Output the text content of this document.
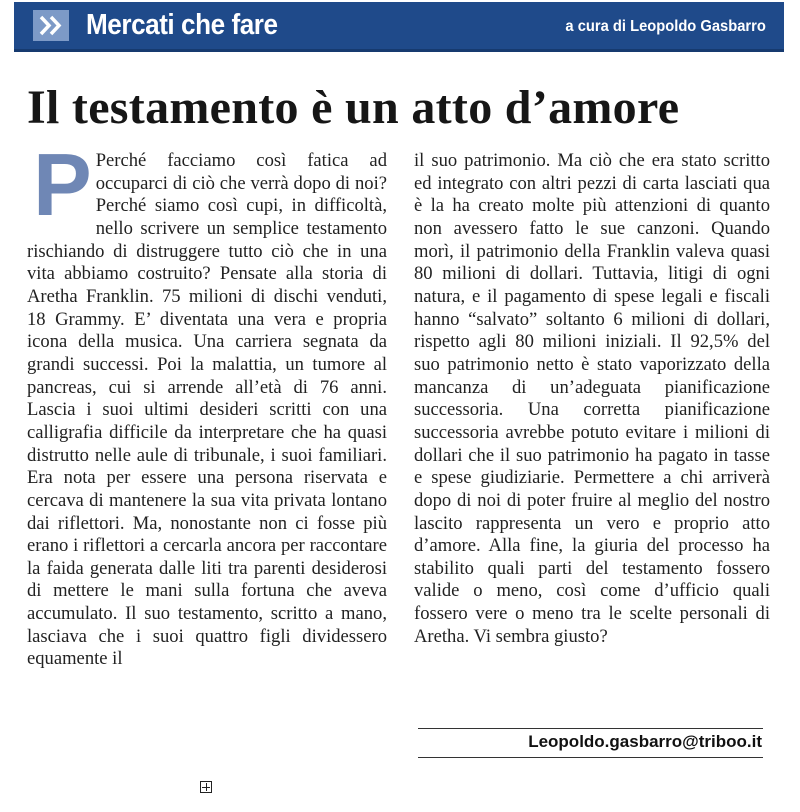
Mercati che fare	a cura di Leopoldo Gasbarro
Il testamento è un atto d’amore
P Perché facciamo così fatica ad occuparci di ciò che verrà dopo di noi? Perché siamo così cupi, in difficoltà, nello scrivere un semplice testamento rischiando di distruggere tutto ciò che in una vita abbiamo costruito? Pensate alla storia di Aretha Franklin. 75 milioni di dischi venduti, 18 Grammy. E’ diventata una vera e propria icona della musica. Una carriera segnata da grandi successi. Poi la malattia, un tumore al pancreas, cui si arrende all’età di 76 anni. Lascia i suoi ultimi desideri scritti con una calligrafia difficile da interpretare che ha quasi distrutto nelle aule di tribunale, i suoi familiari. Era nota per essere una persona riservata e cercava di mantenere la sua vita privata lontano dai riflettori. Ma, nonostante non ci fosse più erano i riflettori a cercarla ancora per raccontare la faida generata dalle liti tra parenti desiderosi di mettere le mani sulla fortuna che aveva accumulato. Il suo testamento, scritto a mano, lasciava che i suoi quattro figli dividessero equamente il

il suo patrimonio. Ma ciò che era stato scritto ed integrato con altri pezzi di carta lasciati qua è la ha creato molte più attenzioni di quanto non avessero fatto le sue canzoni. Quando morì, il patrimonio della Franklin valeva quasi 80 milioni di dollari. Tuttavia, litigi di ogni natura, e il pagamento di spese legali e fiscali hanno “salvato” soltanto 6 milioni di dollari, rispetto agli 80 milioni iniziali. Il 92,5% del suo patrimonio netto è stato vaporizzato della mancanza di un’adeguata pianificazione successoria. Una corretta pianificazione successoria avrebbe potuto evitare i milioni di dollari che il suo patrimonio ha pagato in tasse e spese giudiziarie. Permettere a chi arriverà dopo di noi di poter fruire al meglio del nostro lascito rappresenta un vero e proprio atto d’amore. Alla fine, la giuria del processo ha stabilito quali parti del testamento fossero valide o meno, così come d’ufficio quali fossero vere o meno tra le scelte personali di Aretha. Vi sembra giusto?

Leopoldo.gasbarro@triboo.it
